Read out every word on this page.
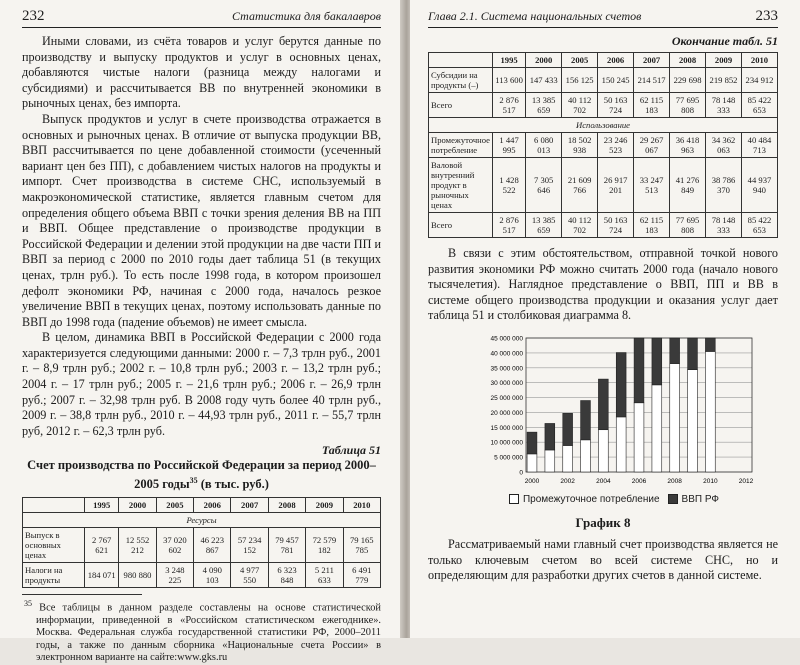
232	Статистика для бакалавров

Иными словами, из счёта товаров и услуг берутся данные по производству и выпуску продуктов и услуг в основных ценах, добавляются чистые налоги (разница между налогами и субсидиями) и рассчитывается ВВ по внутренней экономики в рыночных ценах, без импорта.

Выпуск продуктов и услуг в счете производства отражается в основных и рыночных ценах. В отличие от выпуска продукции ВВ, ВВП рассчитывается по цене добавленной стоимости (усеченный вариант цен без ПП), с добавлением чистых налогов на продукты и импорт. Счет производства в системе СНС, используемый в макроэкономической статистике, является главным счетом для определения общего объема ВВП с точки зрения деления ВВ на ПП и ВВП. Общее представление о производстве продукции в Российской Федерации и делении этой продукции на две части ПП и ВВП за период с 2000 по 2010 годы дает таблица 51 (в текущих ценах, трлн руб.). То есть после 1998 года, в котором произошел дефолт экономики РФ, начиная с 2000 года, началось резкое увеличение ВВП в текущих ценах, поэтому использовать данные по ВВП до 1998 года (падение объемов) не имеет смысла.

В целом, динамика ВВП в Российской Федерации с 2000 года характеризуется следующими данными: 2000 г. – 7,3 трлн руб., 2001 г. – 8,9 трлн руб.; 2002 г. – 10,8 трлн руб.; 2003 г. – 13,2 трлн руб.; 2004 г. – 17 трлн руб.; 2005 г. – 21,6 трлн руб.; 2006 г. – 26,9 трлн руб.; 2007 г. – 32,98 трлн руб. В 2008 году чуть более 40 трлн руб., 2009 г. – 38,8 трлн руб., 2010 г. – 44,93 трлн руб., 2011 г. – 55,7 трлн руб, 2012 г. – 62,3 трлн руб.

Таблица 51
Счет производства по Российской Федерации за период 2000–2005 годы$^{35}$ (в тыс. руб.)
	1995	2000	2005	2006	2007	2008	2009	2010
Ресурсы								
Выпуск в основных ценах	2 767 621	12 552 212	37 020 602	46 223 867	57 234 152	79 457 781	72 579 182	79 165 785
Налоги на продукты	184 071	980 880	3 248 225	4 090 103	4 977 550	6 323 848	5 211 633	6 491 779

$^{35}$ Все таблицы в данном разделе составлены на основе статистической информации, приведенной в «Российском статистическом ежегоднике». Москва. Федеральная служба государственной статистики РФ, 2000–2011 годы, а также по данным сборника «Национальные счета России» в электронном варианте на сайте:www.gks.ru

Глава 2.1. Система национальных счетов	233
Окончание табл. 51
	1995	2000	2005	2006	2007	2008	2009	2010
Субсидии на продукты (–)	113 600	147 433	156 125	150 245	214 517	229 698	219 852	234 912
Всего	2 876 517	13 385 659	40 112 702	50 163 724	62 115 183	77 695 808	78 148 333	85 422 653
Использование								
Промежуточное потребление	1 447 995	6 080 013	18 502 938	23 246 523	29 267 067	36 418 963	34 362 063	40 484 713
Валовой внутренний продукт в рыночных ценах	1 428 522	7 305 646	21 609 766	26 917 201	33 247 513	41 276 849	38 786 370	44 937 940
Всего	2 876 517	13 385 659	40 112 702	50 163 724	62 115 183	77 695 808	78 148 333	85 422 653

В связи с этим обстоятельством, отправной точкой нового развития экономики РФ можно считать 2000 года (начало нового тысячелетия). Наглядное представление о ВВП, ПП и ВВ в системе общего производства продукции и оказания услуг дает таблица 51 и столбиковая диаграмма 8.

0
5 000 000
10 000 000
15 000 000
20 000 000
25 000 000
30 000 000
35 000 000
40 000 000
45 000 000
2000	2002	2004	2006	2008	2010	2012
Промежуточное потребление	ВВП РФ
График 8

Рассматриваемый нами главный счет производства является не только ключевым счетом во всей системе СНС, но и определяющим для разработки других счетов в данной системе.
